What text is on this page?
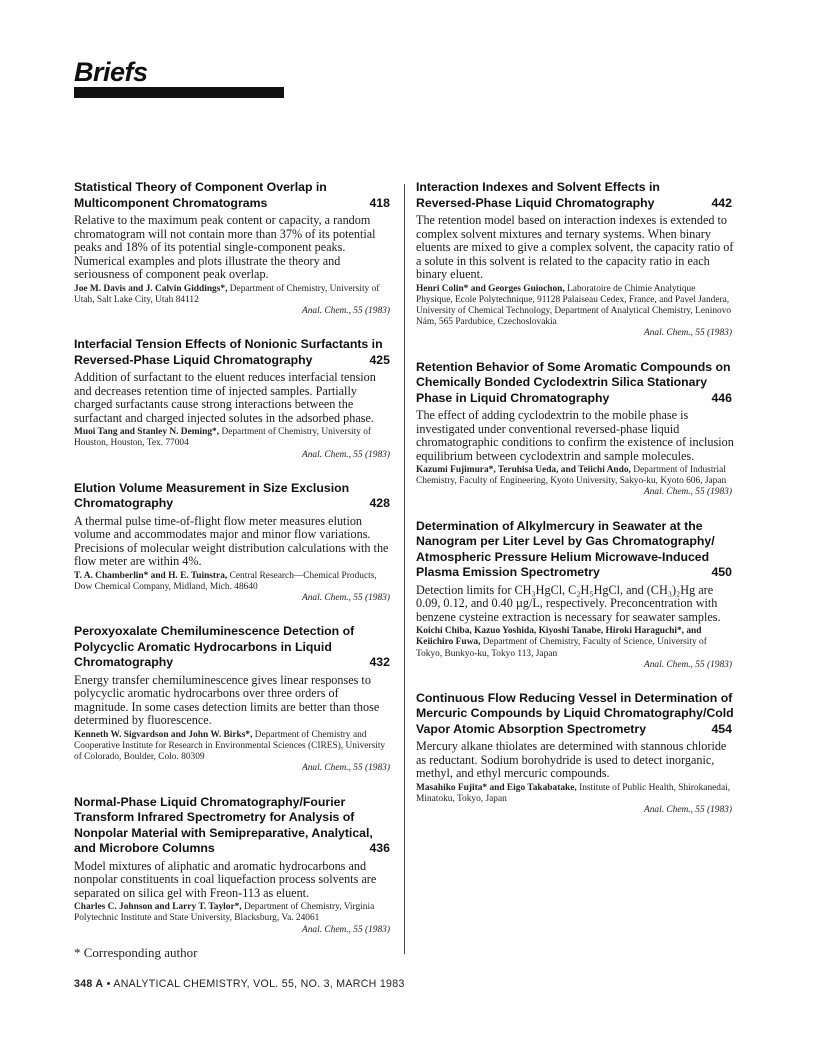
Briefs
Statistical Theory of Component Overlap in
Multicomponent Chromatograms	418
Relative to the maximum peak content or capacity, a random chromatogram will not contain more than 37% of its potential peaks and 18% of its potential single-component peaks. Numerical examples and plots illustrate the theory and seriousness of component peak overlap.
Joe M. Davis and J. Calvin Giddings*, Department of Chemistry, University of Utah, Salt Lake City, Utah 84112

Anal. Chem., 55 (1983)
Interfacial Tension Effects of Nonionic Surfactants in
Reversed-Phase Liquid Chromatography	425
Addition of surfactant to the eluent reduces interfacial tension and decreases retention time of injected samples. Partially charged surfactants cause strong interactions between the surfactant and charged injected solutes in the adsorbed phase.
Muoi Tang and Stanley N. Deming*, Department of Chemistry, University of Houston, Houston, Tex. 77004

Anal. Chem., 55 (1983)
Elution Volume Measurement in Size Exclusion
Chromatography	428
A thermal pulse time-of-flight flow meter measures elution volume and accommodates major and minor flow variations. Precisions of molecular weight distribution calculations with the flow meter are within 4%.
T. A. Chamberlin* and H. E. Tuinstra, Central Research—Chemical Products, Dow Chemical Company, Midland, Mich. 48640

Anal. Chem., 55 (1983)
Peroxyoxalate Chemiluminescence Detection of
Polycyclic Aromatic Hydrocarbons in Liquid
Chromatography	432
Energy transfer chemiluminescence gives linear responses to polycyclic aromatic hydrocarbons over three orders of magnitude. In some cases detection limits are better than those determined by fluorescence.
Kenneth W. Sigvardson and John W. Birks*, Department of Chemistry and Cooperative Institute for Research in Environmental Sciences (CIRES), University of Colorado, Boulder, Colo. 80309

Anal. Chem., 55 (1983)
Normal-Phase Liquid Chromatography/Fourier
Transform Infrared Spectrometry for Analysis of
Nonpolar Material with Semipreparative, Analytical,
and Microbore Columns	436
Model mixtures of aliphatic and aromatic hydrocarbons and nonpolar constituents in coal liquefaction process solvents are separated on silica gel with Freon-113 as eluent.
Charles C. Johnson and Larry T. Taylor*, Department of Chemistry, Virginia Polytechnic Institute and State University, Blacksburg, Va. 24061

Anal. Chem., 55 (1983)
Interaction Indexes and Solvent Effects in
Reversed-Phase Liquid Chromatography	442
The retention model based on interaction indexes is extended to complex solvent mixtures and ternary systems. When binary eluents are mixed to give a complex solvent, the capacity ratio of a solute in this solvent is related to the capacity ratio in each binary eluent.
Henri Colin* and Georges Guiochon, Laboratoire de Chimie Analytique Physique, Ecole Polytechnique, 91128 Palaiseau Cedex, France, and Pavel Jandera, University of Chemical Technology, Department of Analytical Chemistry, Leninovo Nám, 565 Pardubice, Czechoslovakia

Anal. Chem., 55 (1983)
Retention Behavior of Some Aromatic Compounds on
Chemically Bonded Cyclodextrin Silica Stationary
Phase in Liquid Chromatography	446
The effect of adding cyclodextrin to the mobile phase is investigated under conventional reversed-phase liquid chromatographic conditions to confirm the existence of inclusion equilibrium between cyclodextrin and sample molecules.
Kazumi Fujimura*, Teruhisa Ueda, and Teiichi Ando, Department of Industrial Chemistry, Faculty of Engineering, Kyoto University, Sakyo-ku, Kyoto 606, Japan

Anal. Chem., 55 (1983)
Determination of Alkylmercury in Seawater at the
Nanogram per Liter Level by Gas Chromatography/
Atmospheric Pressure Helium Microwave-Induced
Plasma Emission Spectrometry	450
Detection limits for CH₃HgCl, C₂H₅HgCl, and (CH₃)₂Hg are 0.09, 0.12, and 0.40 µg/L, respectively. Preconcentration with benzene cysteine extraction is necessary for seawater samples.
Koichi Chiba, Kazuo Yoshida, Kiyoshi Tanabe, Hiroki Haraguchi*, and Keiichiro Fuwa, Department of Chemistry, Faculty of Science, University of Tokyo, Bunkyo-ku, Tokyo 113, Japan

Anal. Chem., 55 (1983)
Continuous Flow Reducing Vessel in Determination of
Mercuric Compounds by Liquid Chromatography/Cold
Vapor Atomic Absorption Spectrometry	454
Mercury alkane thiolates are determined with stannous chloride as reductant. Sodium borohydride is used to detect inorganic, methyl, and ethyl mercuric compounds.
Masahiko Fujita* and Eigo Takabatake, Institute of Public Health, Shirokanedai, Minatoku, Tokyo, Japan

Anal. Chem., 55 (1983)
* Corresponding author
348 A • ANALYTICAL CHEMISTRY, VOL. 55, NO. 3, MARCH 1983
